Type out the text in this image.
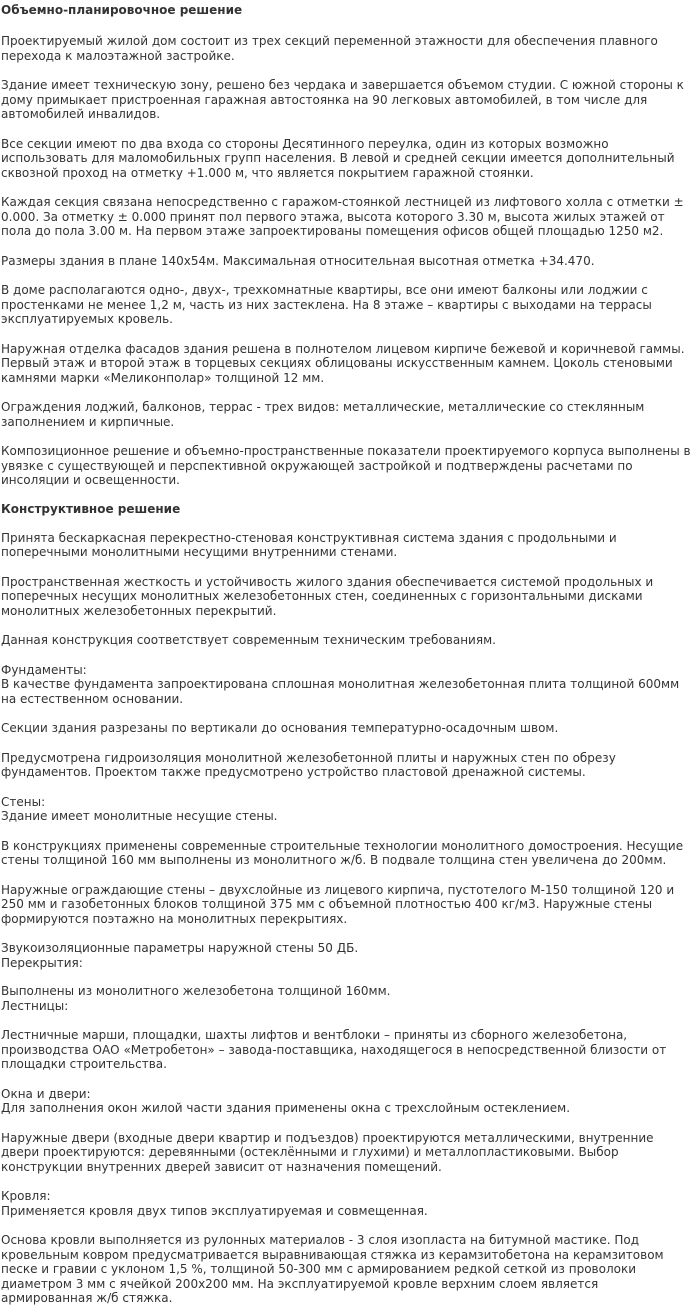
Объемно-планировочное решение

Проектируемый жилой дом состоит из трех секций переменной этажности для обеспечения плавного перехода к малоэтажной застройке.

Здание имеет техническую зону, решено без чердака и завершается объемом студии. С южной стороны к дому примыкает пристроенная гаражная автостоянка на 90 легковых автомобилей, в том числе для автомобилей инвалидов.

Все секции имеют по два входа со стороны Десятинного переулка, один из которых возможно использовать для маломобильных групп населения. В левой и средней секции имеется дополнительный сквозной проход на отметку +1.000 м, что является покрытием гаражной стоянки.

Каждая секция связана непосредственно с гаражом-стоянкой лестницей из лифтового холла с отметки ± 0.000. За отметку ± 0.000 принят пол первого этажа, высота которого 3.30 м, высота жилых этажей от пола до пола 3.00 м. На первом этаже запроектированы помещения офисов общей площадью 1250 м2.

Размеры здания в плане 140х54м. Максимальная относительная высотная отметка +34.470.

В доме располагаются одно-, двух-, трехкомнатные квартиры, все они имеют балконы или лоджии с простенками не менее 1,2 м, часть из них застеклена. На 8 этаже – квартиры с выходами на террасы эксплуатируемых кровель.

Наружная отделка фасадов здания решена в полнотелом лицевом кирпиче бежевой и коричневой гаммы. Первый этаж и второй этаж в торцевых секциях облицованы искусственным камнем. Цоколь стеновыми камнями марки «Меликонполар» толщиной 12 мм.

Ограждения лоджий, балконов, террас - трех видов: металлические, металлические со стеклянным заполнением и кирпичные.

Композиционное решение и объемно-пространственные показатели проектируемого корпуса выполнены в увязке с существующей и перспективной окружающей застройкой и подтверждены расчетами по инсоляции и освещенности.

Конструктивное решение

Принята бескаркасная перекрестно-стеновая конструктивная система здания с продольными и поперечными монолитными несущими внутренними стенами.

Пространственная жесткость и устойчивость жилого здания обеспечивается системой продольных и поперечных несущих монолитных железобетонных стен, соединенных с горизонтальными дисками монолитных железобетонных перекрытий.

Данная конструкция соответствует современным техническим требованиям.

Фундаменты:
В качестве фундамента запроектирована сплошная монолитная железобетонная плита толщиной 600мм на естественном основании.

Секции здания разрезаны по вертикали до основания температурно-осадочным швом.

Предусмотрена гидроизоляция монолитной железобетонной плиты и наружных стен по обрезу фундаментов. Проектом также предусмотрено устройство пластовой дренажной системы.

Стены:
Здание имеет монолитные несущие стены.

В конструкциях применены современные строительные технологии монолитного домостроения. Несущие стены толщиной 160 мм выполнены из монолитного ж/б. В подвале толщина стен увеличена до 200мм.

Наружные ограждающие стены – двухслойные из лицевого кирпича, пустотелого М-150 толщиной 120 и 250 мм и газобетонных блоков толщиной 375 мм с объемной плотностью 400 кг/м3. Наружные стены формируются поэтажно на монолитных перекрытиях.

Звукоизоляционные параметры наружной стены 50 ДБ.
Перекрытия:

Выполнены из монолитного железобетона толщиной 160мм.
Лестницы:

Лестничные марши, площадки, шахты лифтов и вентблоки – приняты из сборного железобетона, производства ОАО «Метробетон» – завода-поставщика, находящегося в непосредственной близости от площадки строительства.

Окна и двери:
Для заполнения окон жилой части здания применены окна с трехслойным остеклением.

Наружные двери (входные двери квартир и подъездов) проектируются металлическими, внутренние двери проектируются: деревянными (остеклёнными и глухими) и металлопластиковыми. Выбор конструкции внутренних дверей зависит от назначения помещений.

Кровля:
Применяется кровля двух типов эксплуатируемая и совмещенная.

Основа кровли выполняется из рулонных материалов - 3 слоя изопласта на битумной мастике. Под кровельным ковром предусматривается выравнивающая стяжка из керамзитобетона на керамзитовом песке и гравии с уклоном 1,5 %, толщиной 50-300 мм с армированием редкой сеткой из проволоки диаметром 3 мм с ячейкой 200х200 мм. На эксплуатируемой кровле верхним слоем является армированная ж/б стяжка.
